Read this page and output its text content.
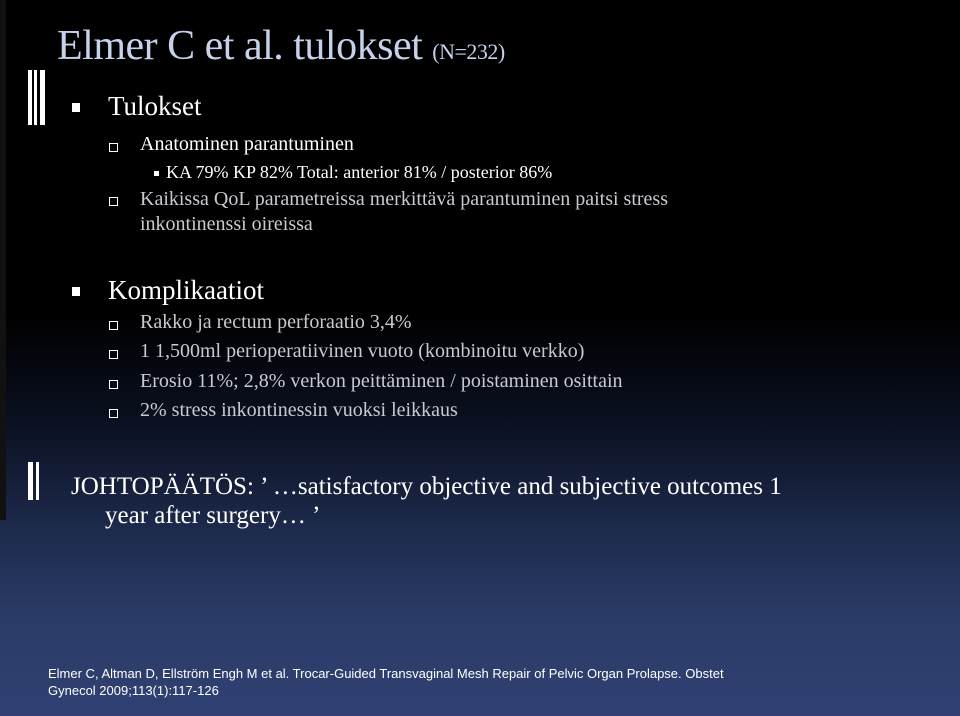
Elmer C et al. tulokset (N=232)
Tulokset
Anatominen parantuminen
KA 79% KP 82% Total: anterior 81% / posterior 86%
Kaikissa QoL parametreissa merkittävä parantuminen paitsi stress
inkontinenssi oireissa
Komplikaatiot
Rakko ja rectum perforaatio 3,4%
1 1,500ml perioperatiivinen vuoto (kombinoitu verkko)
Erosio 11%; 2,8% verkon peittäminen / poistaminen osittain
2% stress inkontinessin vuoksi leikkaus
JOHTOPÄÄTÖS: ’ …satisfactory objective and subjective outcomes 1
year after surgery… ’
Elmer C, Altman D, Ellström Engh M et al. Trocar-Guided Transvaginal Mesh Repair of Pelvic Organ Prolapse. Obstet
Gynecol 2009;113(1):117-126
